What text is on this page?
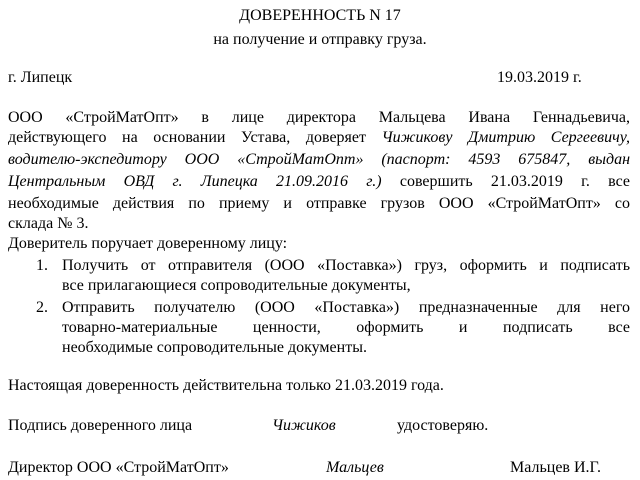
ДОВЕРЕННОСТЬ N 17
на получение и отправку груза.
г. Липецк	19.03.2019 г.
ООО «СтройМатОпт» в лице директора Мальцева Ивана Геннадьевича,
действующего на основании Устава, доверяет Чижикову Дмитрию Сергеевичу,
водителю-экспедитору ООО «СтройМатОпт» (паспорт: 4593 675847, выдан
Центральным ОВД г. Липецка 21.09.2016 г.) совершить 21.03.2019 г. все
необходимые действия по приему и отправке грузов ООО «СтройМатОпт» со
склада № 3.
Доверитель поручает доверенному лицу:
1. Получить от отправителя (ООО «Поставка») груз, оформить и подписать
все прилагающиеся сопроводительные документы,
2. Отправить получателю (ООО «Поставка») предназначенные для него
товарно-материальные ценности, оформить и подписать все
необходимые сопроводительные документы.
Настоящая доверенность действительна только 21.03.2019 года.
Подпись доверенного лица	Чижиков	удостоверяю.
Директор ООО «СтройМатОпт»	Мальцев	Мальцев И.Г.
